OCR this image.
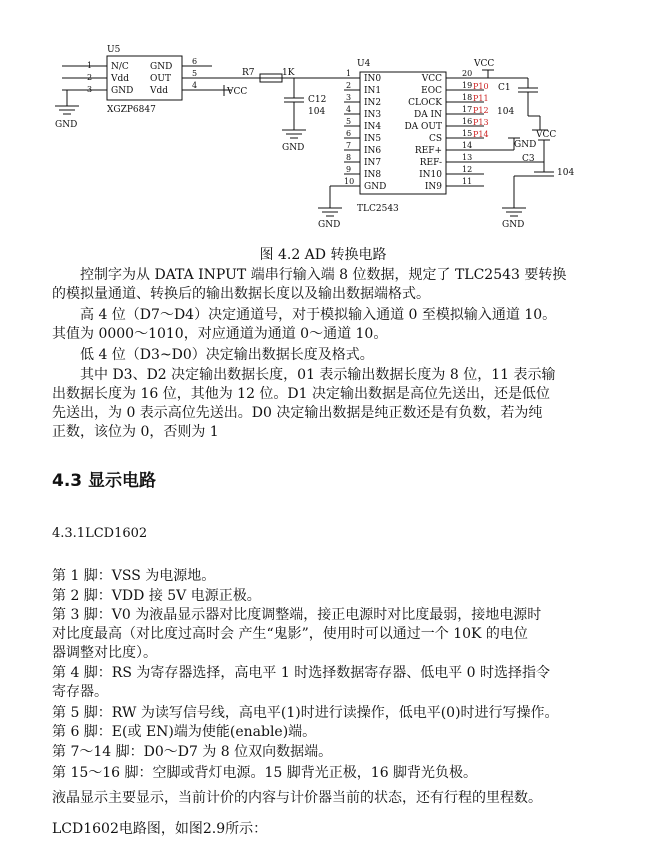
U5
1
2
3
N/C
Vdd
GND
GND
OUT
Vdd
6
5
4
XGZP6847
VCC
GND
R7	1K
C12
104
GND
U4
1
2
3
4
5
6
7
8
9
10
IN0
IN1
IN2
IN3
IN4
IN5
IN6
IN7
IN8
GND
VCC
EOC
CLOCK
DA IN
DA OUT
CS
REF+
REF-
IN10
IN9
20
19
18
17
16
15
14
13
12
11
P10
P11
P12
P13
P14
TLC2543
GND
VCC
C1
104
GND
VCC
C3
104
GND
图 4.2 AD 转换电路
　　控制字为从 DATA INPUT 端串行输入端 8 位数据，规定了 TLC2543 要转换
的模拟量通道、转换后的输出数据长度以及输出数据端格式。
　　高 4 位（D7～D4）决定通道号，对于模拟输入通道 0 至模拟输入通道 10。
其值为 0000～1010，对应通道为通道 0～通道 10。
　　低 4 位（D3~D0）决定输出数据长度及格式。
　　其中 D3、D2 决定输出数据长度，01 表示输出数据长度为 8 位，11 表示输
出数据长度为 16 位，其他为 12 位。D1 决定输出数据是高位先送出，还是低位
先送出，为 0 表示高位先送出。D0 决定输出数据是纯正数还是有负数，若为纯
正数，该位为 0，否则为 1
4.3 显示电路
4.3.1LCD1602
第 1 脚：VSS 为电源地。
第 2 脚：VDD 接 5V 电源正极。
第 3 脚：V0 为液晶显示器对比度调整端，接正电源时对比度最弱，接地电源时
对比度最高（对比度过高时会 产生“鬼影”，使用时可以通过一个 10K 的电位
器调整对比度）。
第 4 脚：RS 为寄存器选择，高电平 1 时选择数据寄存器、低电平 0 时选择指令
寄存器。
第 5 脚：RW 为读写信号线，高电平(1)时进行读操作，低电平(0)时进行写操作。
第 6 脚：E(或 EN)端为使能(enable)端。
第 7～14 脚：D0～D7 为 8 位双向数据端。
第 15～16 脚：空脚或背灯电源。15 脚背光正极，16 脚背光负极。
液晶显示主要显示，当前计价的内容与计价器当前的状态，还有行程的里程数。
LCD1602电路图，如图2.9所示：
